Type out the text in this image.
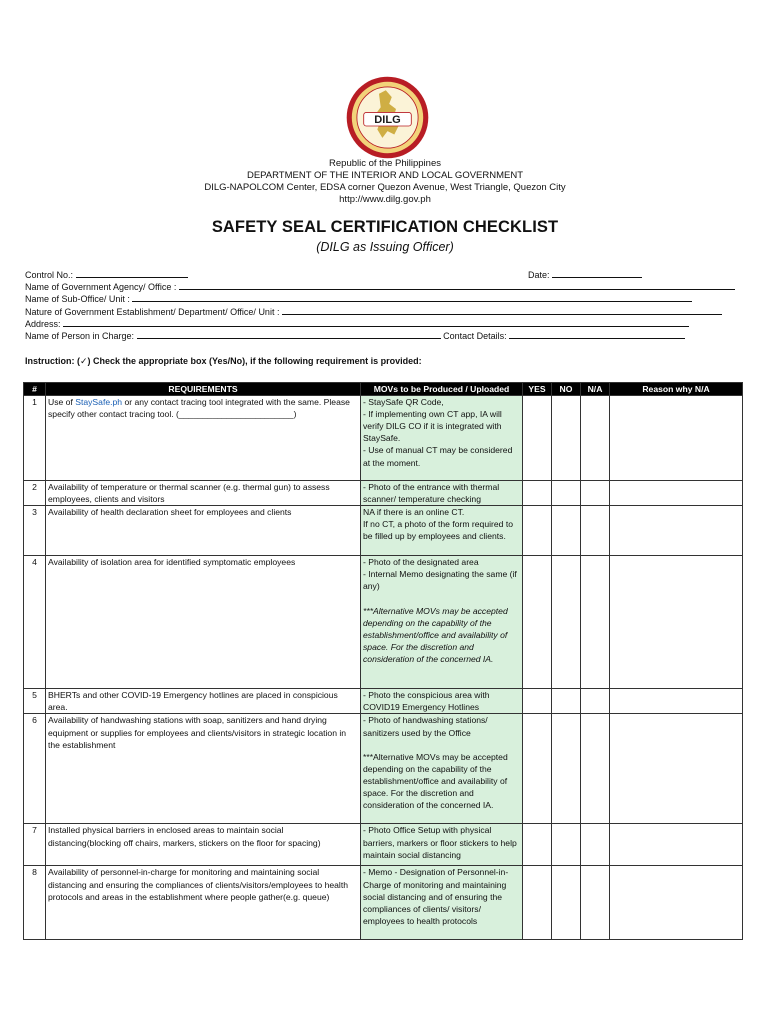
DILG
Republic of the Philippines
DEPARTMENT OF THE INTERIOR AND LOCAL GOVERNMENT
DILG-NAPOLCOM Center, EDSA corner Quezon Avenue, West Triangle, Quezon City
http://www.dilg.gov.ph
SAFETY SEAL CERTIFICATION CHECKLIST
(DILG as Issuing Officer)
Control No.:	Date:
Name of Government Agency/ Office :
Name of Sub-Office/ Unit :
Nature of Government Establishment/ Department/ Office/ Unit :
Address:
Name of Person in Charge:	Contact Details:
Instruction: (✓) Check the appropriate box (Yes/No), if the following requirement is provided:
#	REQUIREMENTS	MOVs to be Produced / Uploaded	YES	NO	N/A	Reason why N/A
1	Use of StaySafe.ph or any contact tracing tool integrated with the same. Please specify other contact tracing tool. (________________________)	- StaySafe QR Code,
- If implementing own CT app, IA will verify DILG CO if it is integrated with StaySafe.
- Use of manual CT may be considered at the moment.				
2	Availability of temperature or thermal scanner (e.g. thermal gun) to assess employees, clients and visitors	- Photo of the entrance with thermal scanner/ temperature checking				
3	Availability of health declaration sheet for employees and clients	NA if there is an online CT.
If no CT, a photo of the form required to be filled up by employees and clients.				
4	Availability of isolation area for identified symptomatic employees	- Photo of the designated area
- Internal Memo designating the same (if any)

***Alternative MOVs may be accepted depending on the capability of the establishment/office and availability of space. For the discretion and consideration of the concerned IA.				
5	BHERTs and other COVID-19 Emergency hotlines are placed in conspicious area.	- Photo the conspicious area with COVID19 Emergency Hotlines				
6	Availability of handwashing stations with soap, sanitizers and hand drying equipment or supplies for employees and clients/visitors in strategic location in the establishment	- Photo of handwashing stations/ sanitizers used by the Office

***Alternative MOVs may be accepted depending on the capability of the establishment/office and availability of space. For the discretion and consideration of the concerned IA.				
7	Installed physical barriers in enclosed areas to maintain social distancing(blocking off chairs, markers, stickers on the floor for spacing)	- Photo Office Setup with physical barriers, markers or floor stickers to help maintain social distancing				
8	Availability of personnel-in-charge for monitoring and maintaining social distancing and ensuring the compliances of clients/visitors/employees to health protocols and areas in the establishment where people gather(e.g. queue)	- Memo - Designation of Personnel-in-Charge of monitoring and maintaining social distancing and of ensuring the compliances of clients/ visitors/ employees to health protocols				
